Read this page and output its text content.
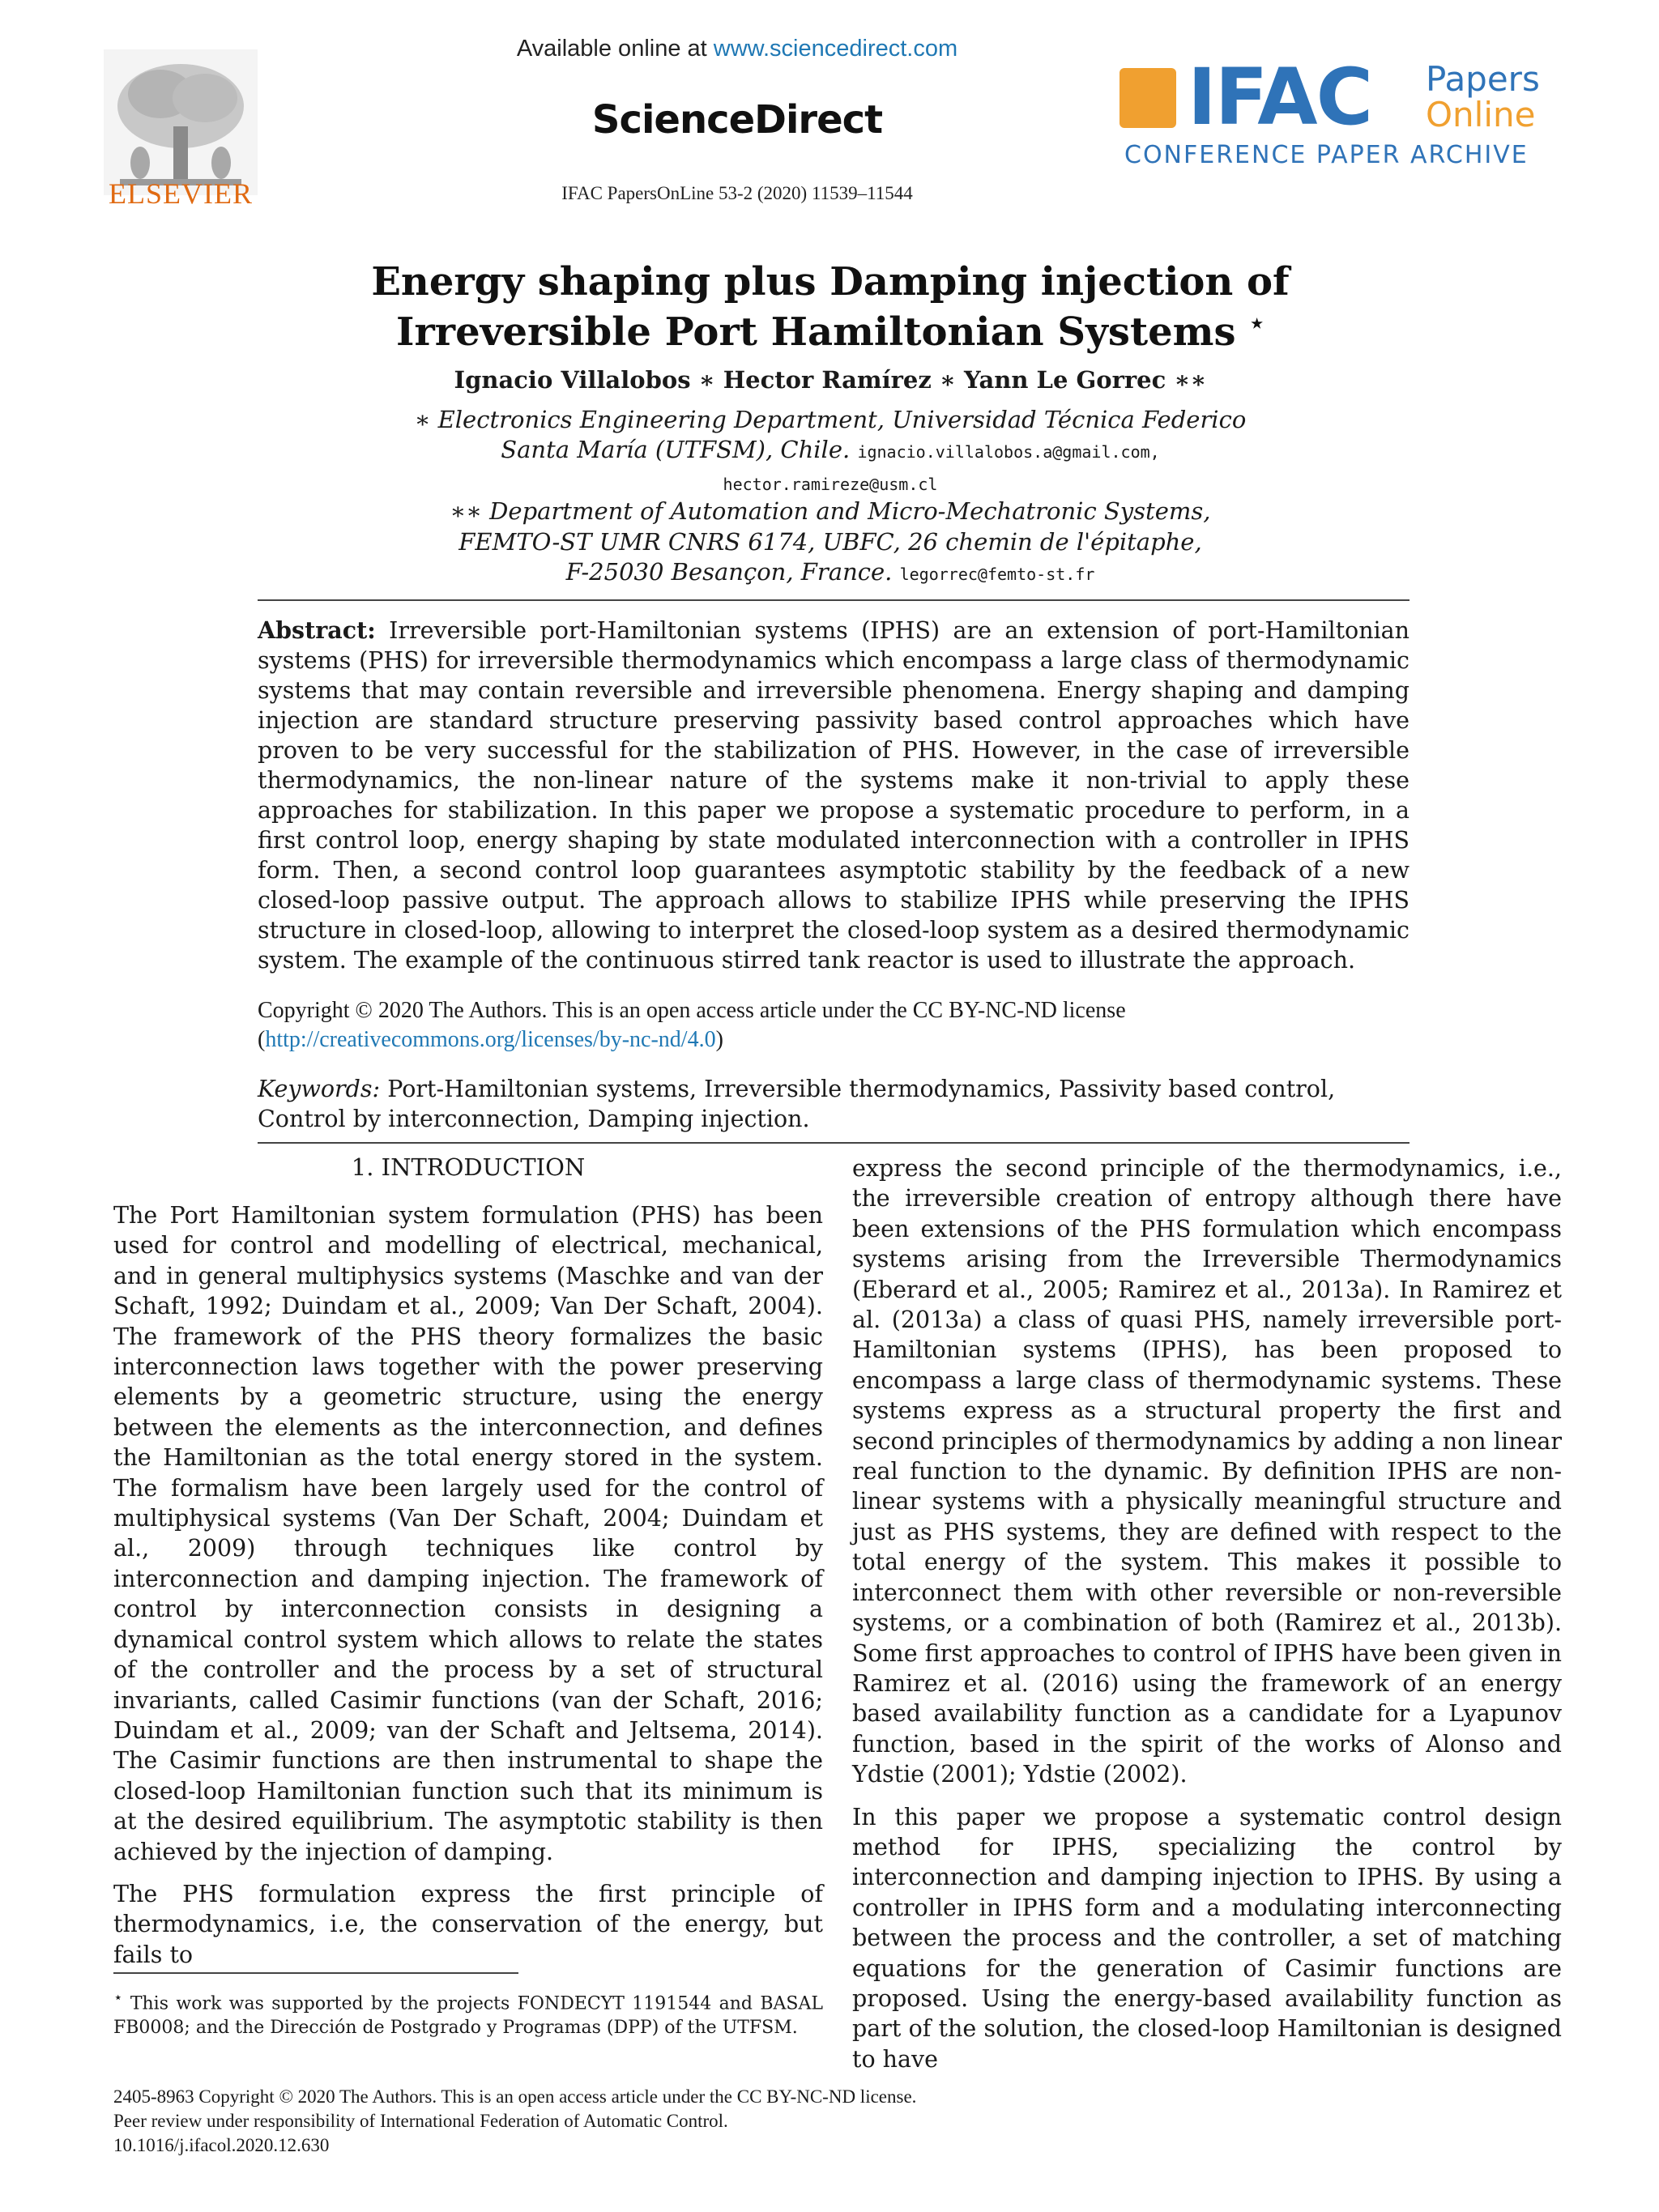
ELSEVIER
Available online at www.sciencedirect.com
ScienceDirect
IFAC PapersOnLine 53-2 (2020) 11539–11544
IFAC Papers
Online
CONFERENCE PAPER ARCHIVE
Energy shaping plus Damping injection of
Irreversible Port Hamiltonian Systems ⋆
Ignacio Villalobos ∗ Hector Ramírez ∗ Yann Le Gorrec ∗∗
∗ Electronics Engineering Department, Universidad Técnica Federico
Santa María (UTFSM), Chile. ignacio.villalobos.a@gmail.com,
hector.ramireze@usm.cl
∗∗ Department of Automation and Micro-Mechatronic Systems,
FEMTO-ST UMR CNRS 6174, UBFC, 26 chemin de l'épitaphe,
F-25030 Besançon, France. legorrec@femto-st.fr
Abstract: Irreversible port-Hamiltonian systems (IPHS) are an extension of port-Hamiltonian systems (PHS) for irreversible thermodynamics which encompass a large class of thermodynamic systems that may contain reversible and irreversible phenomena. Energy shaping and damping injection are standard structure preserving passivity based control approaches which have proven to be very successful for the stabilization of PHS. However, in the case of irreversible thermodynamics, the non-linear nature of the systems make it non-trivial to apply these approaches for stabilization. In this paper we propose a systematic procedure to perform, in a first control loop, energy shaping by state modulated interconnection with a controller in IPHS form. Then, a second control loop guarantees asymptotic stability by the feedback of a new closed-loop passive output. The approach allows to stabilize IPHS while preserving the IPHS structure in closed-loop, allowing to interpret the closed-loop system as a desired thermodynamic system. The example of the continuous stirred tank reactor is used to illustrate the approach.
Copyright © 2020 The Authors. This is an open access article under the CC BY-NC-ND license
(http://creativecommons.org/licenses/by-nc-nd/4.0)
Keywords: Port-Hamiltonian systems, Irreversible thermodynamics, Passivity based control, Control by interconnection, Damping injection.
1. INTRODUCTION

The Port Hamiltonian system formulation (PHS) has been used for control and modelling of electrical, mechanical, and in general multiphysics systems (Maschke and van der Schaft, 1992; Duindam et al., 2009; Van Der Schaft, 2004). The framework of the PHS theory formalizes the basic interconnection laws together with the power preserving elements by a geometric structure, using the energy between the elements as the interconnection, and defines the Hamiltonian as the total energy stored in the system. The formalism have been largely used for the control of multiphysical systems (Van Der Schaft, 2004; Duindam et al., 2009) through techniques like control by interconnection and damping injection. The framework of control by interconnection consists in designing a dynamical control system which allows to relate the states of the controller and the process by a set of structural invariants, called Casimir functions (van der Schaft, 2016; Duindam et al., 2009; van der Schaft and Jeltsema, 2014). The Casimir functions are then instrumental to shape the closed-loop Hamiltonian function such that its minimum is at the desired equilibrium. The asymptotic stability is then achieved by the injection of damping.

The PHS formulation express the first principle of thermodynamics, i.e, the conservation of the energy, but fails to

express the second principle of the thermodynamics, i.e., the irreversible creation of entropy although there have been extensions of the PHS formulation which encompass systems arising from the Irreversible Thermodynamics (Eberard et al., 2005; Ramirez et al., 2013a). In Ramirez et al. (2013a) a class of quasi PHS, namely irreversible port-Hamiltonian systems (IPHS), has been proposed to encompass a large class of thermodynamic systems. These systems express as a structural property the first and second principles of thermodynamics by adding a non linear real function to the dynamic. By definition IPHS are non-linear systems with a physically meaningful structure and just as PHS systems, they are defined with respect to the total energy of the system. This makes it possible to interconnect them with other reversible or non-reversible systems, or a combination of both (Ramirez et al., 2013b). Some first approaches to control of IPHS have been given in Ramirez et al. (2016) using the framework of an energy based availability function as a candidate for a Lyapunov function, based in the spirit of the works of Alonso and Ydstie (2001); Ydstie (2002).

In this paper we propose a systematic control design method for IPHS, specializing the control by interconnection and damping injection to IPHS. By using a controller in IPHS form and a modulating interconnecting between the process and the controller, a set of matching equations for the generation of Casimir functions are proposed. Using the energy-based availability function as part of the solution, the closed-loop Hamiltonian is designed to have

⋆ This work was supported by the projects FONDECYT 1191544 and BASAL FB0008; and the Dirección de Postgrado y Programas (DPP) of the UTFSM.
2405-8963 Copyright © 2020 The Authors. This is an open access article under the CC BY-NC-ND license.
Peer review under responsibility of International Federation of Automatic Control.
10.1016/j.ifacol.2020.12.630
